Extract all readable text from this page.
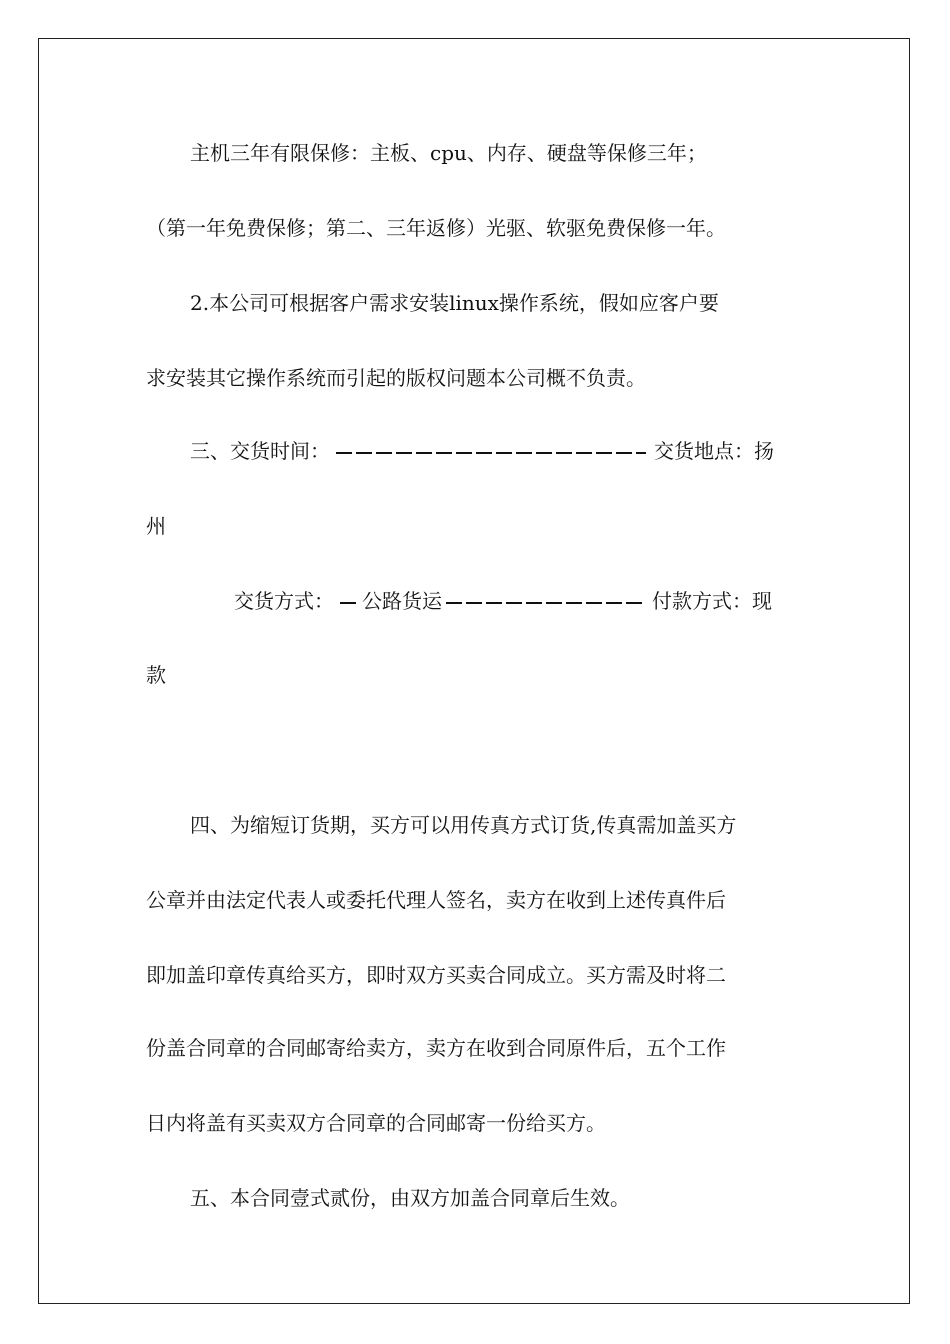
主机三年有限保修：主板、cpu、内存、硬盘等保修三年；
（第一年免费保修；第二、三年返修）光驱、软驱免费保修一年。
2.本公司可根据客户需求安装linux操作系统，假如应客户要
求安装其它操作系统而引起的版权问题本公司概不负责。
三、交货时间：	交货地点：扬
州
交货方式： 公路货运	付款方式：现
款
四、为缩短订货期，买方可以用传真方式订货,传真需加盖买方
公章并由法定代表人或委托代理人签名，卖方在收到上述传真件后
即加盖印章传真给买方，即时双方买卖合同成立。买方需及时将二
份盖合同章的合同邮寄给卖方，卖方在收到合同原件后，五个工作
日内将盖有买卖双方合同章的合同邮寄一份给买方。
五、本合同壹式贰份，由双方加盖合同章后生效。
